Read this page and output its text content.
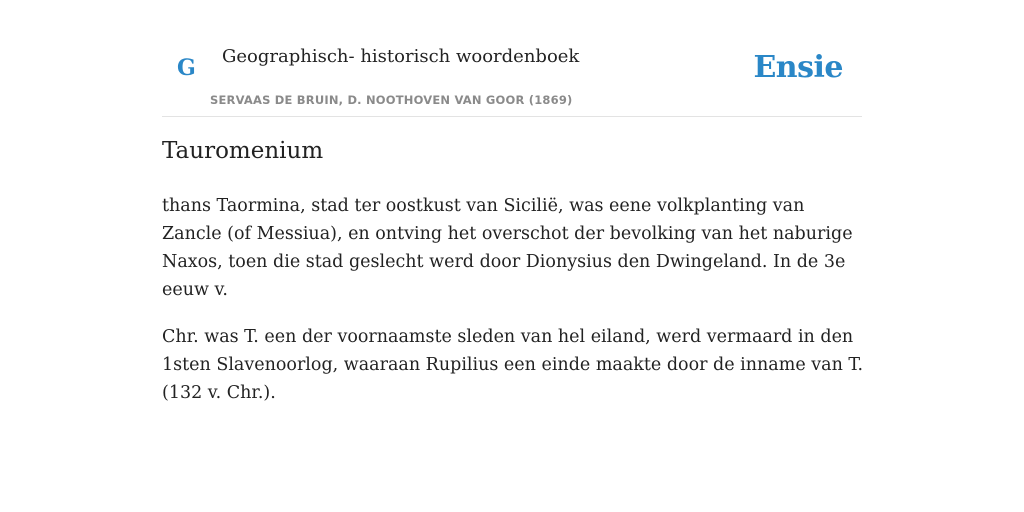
G Geographisch- historisch woordenboek
SERVAAS DE BRUIN, D. NOOTHOVEN VAN GOOR (1869)
Ensie
Tauromenium

thans Taormina, stad ter oostkust van Sicilië, was eene volkplanting van Zancle (of Messiua), en ontving het overschot der bevolking van het naburige Naxos, toen die stad geslecht werd door Dionysius den Dwingeland. In de 3e eeuw v.

Chr. was T. een der voornaamste sleden van hel eiland, werd vermaard in den 1sten Slavenoorlog, waaraan Rupilius een einde maakte door de inname van T. (132 v. Chr.).
